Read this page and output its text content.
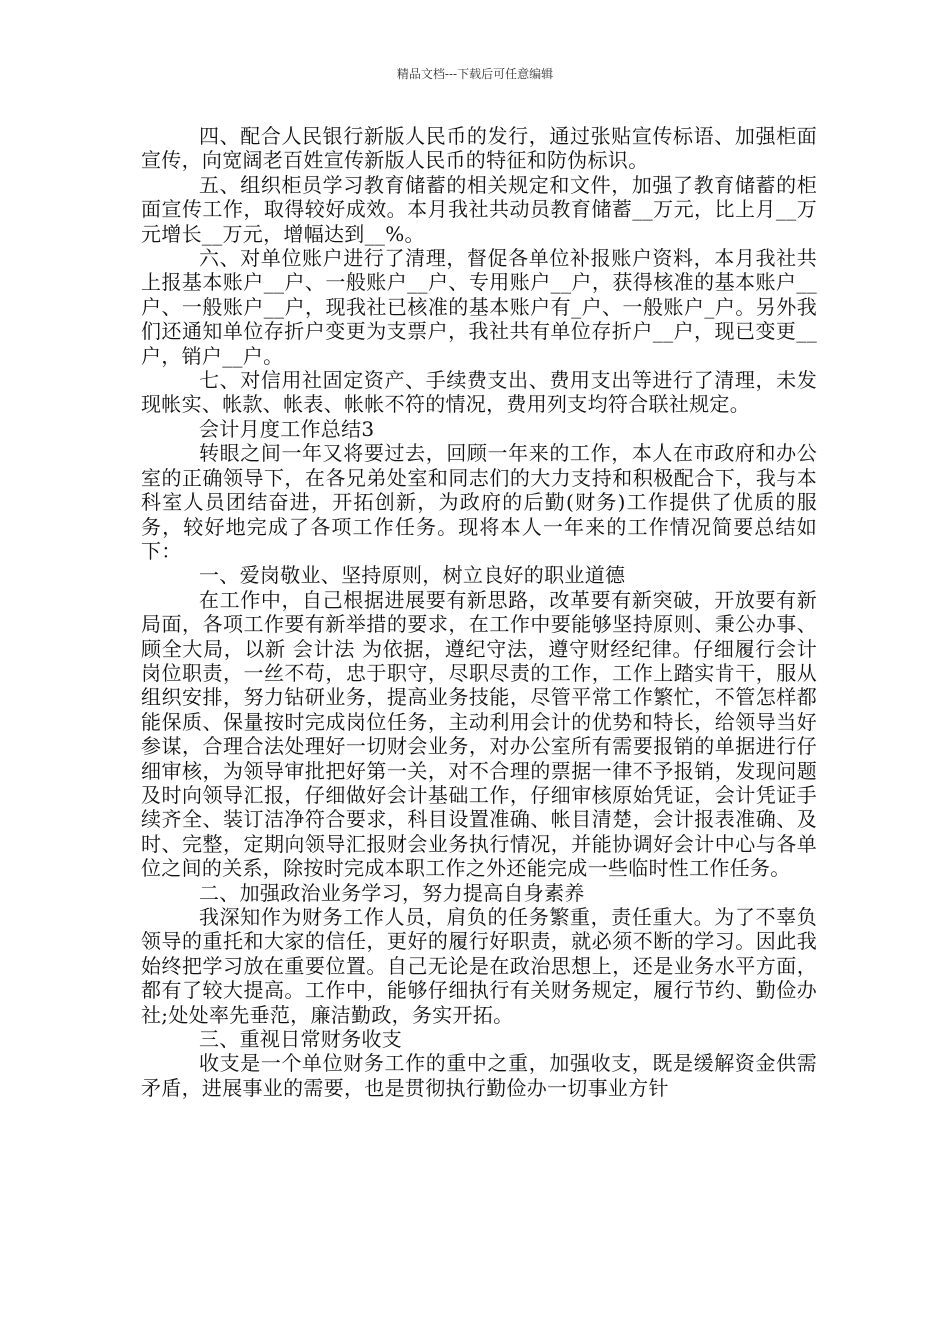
精品文档---下载后可任意编辑

四、配合人民银行新版人民币的发行，通过张贴宣传标语、加强柜面宣传，向宽阔老百姓宣传新版人民币的特征和防伪标识。

五、组织柜员学习教育储蓄的相关规定和文件，加强了教育储蓄的柜面宣传工作，取得较好成效。本月我社共动员教育储蓄__万元，比上月__万元增长__万元，增幅达到__%。

六、对单位账户进行了清理，督促各单位补报账户资料，本月我社共上报基本账户__户、一般账户__户、专用账户__户，获得核准的基本账户__户、一般账户__户，现我社已核准的基本账户有_户、一般账户_户。另外我们还通知单位存折户变更为支票户，我社共有单位存折户__户，现已变更__户，销户__户。

七、对信用社固定资产、手续费支出、费用支出等进行了清理，未发现帐实、帐款、帐表、帐帐不符的情况，费用列支均符合联社规定。

会计月度工作总结3

转眼之间一年又将要过去，回顾一年来的工作，本人在市政府和办公室的正确领导下，在各兄弟处室和同志们的大力支持和积极配合下，我与本科室人员团结奋进，开拓创新，为政府的后勤(财务)工作提供了优质的服务，较好地完成了各项工作任务。现将本人一年来的工作情况简要总结如下：

一、爱岗敬业、坚持原则，树立良好的职业道德

在工作中，自己根据进展要有新思路，改革要有新突破，开放要有新局面，各项工作要有新举措的要求，在工作中要能够坚持原则、秉公办事、顾全大局，以新 会计法 为依据，遵纪守法，遵守财经纪律。仔细履行会计岗位职责，一丝不苟，忠于职守，尽职尽责的工作，工作上踏实肯干，服从组织安排，努力钻研业务，提高业务技能，尽管平常工作繁忙，不管怎样都能保质、保量按时完成岗位任务，主动利用会计的优势和特长，给领导当好参谋，合理合法处理好一切财会业务，对办公室所有需要报销的单据进行仔细审核，为领导审批把好第一关，对不合理的票据一律不予报销，发现问题及时向领导汇报，仔细做好会计基础工作，仔细审核原始凭证，会计凭证手续齐全、装订洁净符合要求，科目设置准确、帐目清楚，会计报表准确、及时、完整，定期向领导汇报财会业务执行情况，并能协调好会计中心与各单位之间的关系，除按时完成本职工作之外还能完成一些临时性工作任务。

二、加强政治业务学习，努力提高自身素养

我深知作为财务工作人员，肩负的任务繁重，责任重大。为了不辜负领导的重托和大家的信任，更好的履行好职责，就必须不断的学习。因此我始终把学习放在重要位置。自己无论是在政治思想上，还是业务水平方面，都有了较大提高。工作中，能够仔细执行有关财务规定，履行节约、勤俭办社;处处率先垂范，廉洁勤政，务实开拓。

三、重视日常财务收支

收支是一个单位财务工作的重中之重，加强收支，既是缓解资金供需矛盾，进展事业的需要，也是贯彻执行勤俭办一切事业方针
